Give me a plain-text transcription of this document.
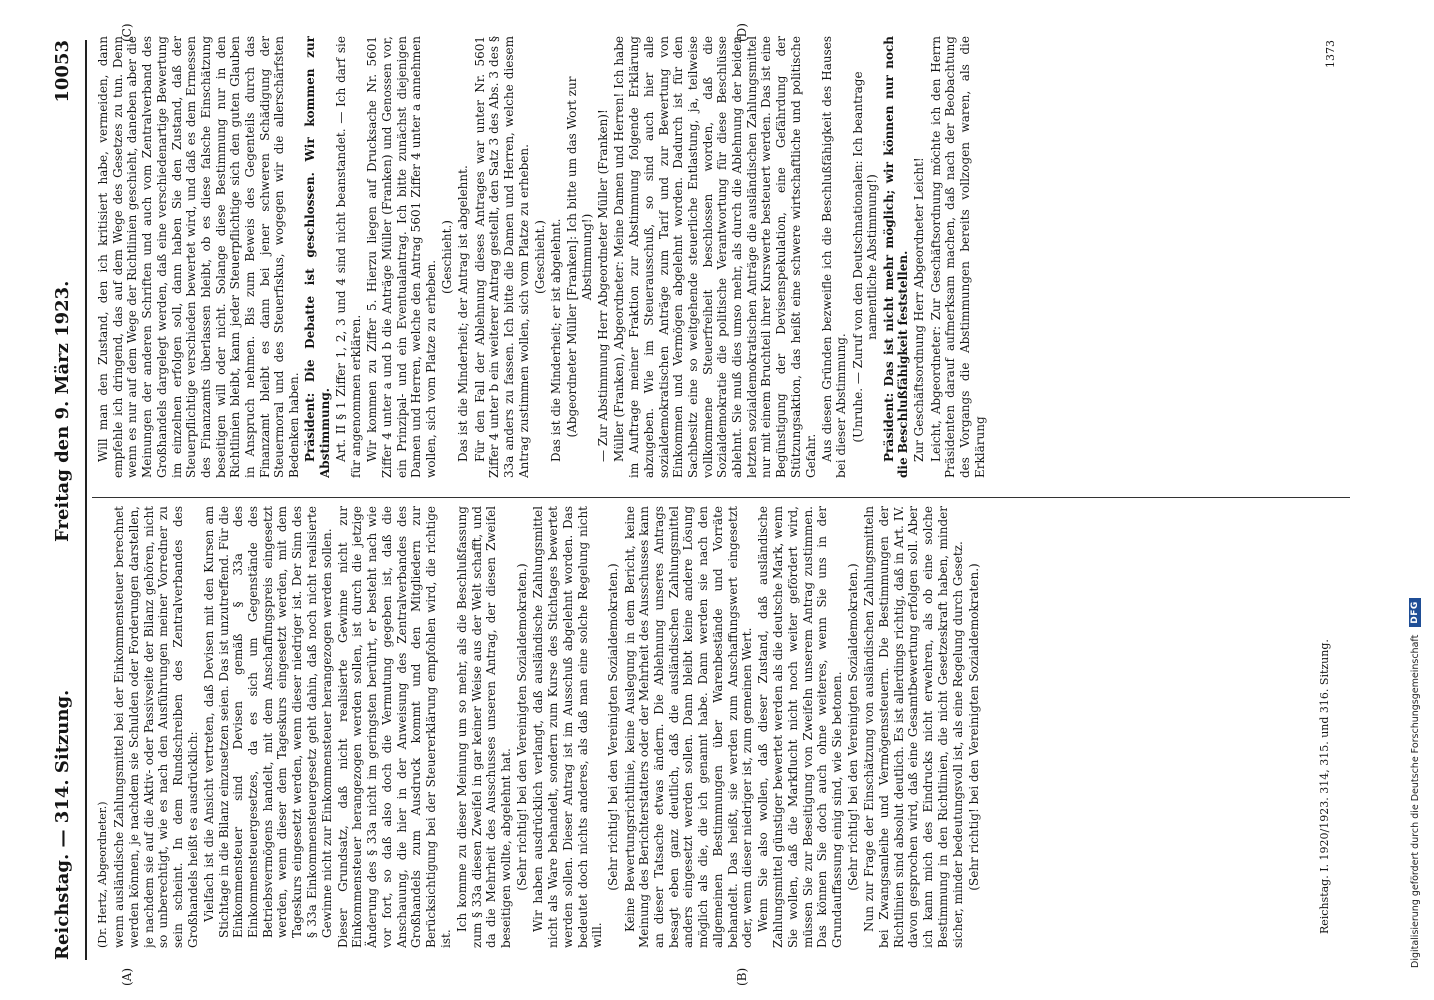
Reichstag. — 314. Sitzung.
Freitag den 9. März 1923.
10053
(A)	(B)
(C)	(D)

(Dr. Hertz, Abgeordneter.) wenn ausländische Zahlungsmittel bei der Einkommensteuer berechnet werden können, je nachdem sie Schulden oder Forderungen darstellen, je nachdem sie auf die Aktiv- oder Passivseite der Bilanz gehören, nicht so unberechtigt, wie es nach den Ausführungen meiner Vorredner zu sein scheint. In dem Rundschreiben des Zentralverbandes des Großhandels heißt es ausdrücklich: Vielfach ist die Ansicht vertreten, daß Devisen mit den Kursen am Stichtage in die Bilanz einzusetzen seien. Das ist unzutreffend. Für die Einkommensteuer sind Devisen gemäß § 33a des Einkommensteuergesetzes, da es sich um Gegenstände des Betriebsvermögens handelt, mit dem Anschaffungspreis eingesetzt werden, wenn dieser dem Tageskurs eingesetzt werden, mit dem Tageskurs eingesetzt werden, wenn dieser niedriger ist. Der Sinn des § 33a Einkommensteuergesetz geht dahin, daß noch nicht realisierte Gewinne nicht zur Einkommensteuer herangezogen werden sollen. Dieser Grundsatz, daß nicht realisierte Gewinne nicht zur Einkommensteuer herangezogen werden sollen, ist durch die jetzige Änderung des § 33a nicht im geringsten berührt, er besteht nach wie vor fort, so daß also doch die Vermutung gegeben ist, daß die Anschauung, die hier in der Anweisung des Zentralverbandes des Großhandels zum Ausdruck kommt und den Mitgliedern zur Berücksichtigung bei der Steuererklärung empfohlen wird, die richtige ist.

Ich komme zu dieser Meinung um so mehr, als die Beschlußfassung zum § 33a diesen Zweifel in gar keiner Weise aus der Welt schafft, und da die Mehrheit des Ausschusses unseren Antrag, der diesen Zweifel beseitigen wollte, abgelehnt hat. (Sehr richtig! bei den Vereinigten Sozialdemokraten.) Wir haben ausdrücklich verlangt, daß ausländische Zahlungsmittel nicht als Ware behandelt, sondern zum Kurse des Stichtages bewertet werden sollen. Dieser Antrag ist im Ausschuß abgelehnt worden. Das bedeutet doch nichts anderes, als daß man eine solche Regelung nicht will.

(Sehr richtig! bei den Vereinigten Sozialdemokraten.) Keine Bewertungsrichtlinie, keine Auslegung in dem Bericht, keine Meinung des Berichterstatters oder der Mehrheit des Ausschusses kann an dieser Tatsache etwas ändern. Die Ablehnung unseres Antrags besagt eben ganz deutlich, daß die ausländischen Zahlungsmittel anders eingesetzt werden sollen. Dann bleibt keine andere Lösung möglich als die, die ich genannt habe. Dann werden sie nach den allgemeinen Bestimmungen über Warenbestände und Vorräte behandelt. Das heißt, sie werden zum Anschaffungswert eingesetzt oder, wenn dieser niedriger ist, zum gemeinen Wert. Wenn Sie also wollen, daß dieser Zustand, daß ausländische Zahlungsmittel günstiger bewertet werden als die deutsche Mark, wenn Sie wollen, daß die Markflucht nicht noch weiter gefördert wird, müssen Sie zur Beseitigung von Zweifeln unserem Antrag zustimmen. Das können Sie doch auch ohne weiteres, wenn Sie uns in der Grundauffassung einig sind, wie Sie betonen. (Sehr richtig! bei den Vereinigten Sozialdemokraten.) Nun zur Frage der Einschätzung von ausländischen Zahlungsmitteln bei Zwangsanleihe und Vermögenssteuern. Die Bestimmungen der Richtlinien sind absolut deutlich. Es ist allerdings richtig, daß in Art. IV. davon gesprochen wird, daß eine Gesamtbewertung erfolgen soll. Aber ich kann mich des Eindrucks nicht erwehren, als ob eine solche Bestimmung in den Richtlinien, die nicht Gesetzeskraft haben, minder sicher, minder bedeutungsvoll ist, als eine Regelung durch Gesetz. (Sehr richtig! bei den Vereinigten Sozialdemokraten.)

Will man den Zustand, den ich kritisiert habe, vermeiden, dann empfehle ich dringend, das auf dem Wege des Gesetzes zu tun. Denn wenn es nur auf dem Wege der Richtlinien geschieht, daneben aber die Meinungen der anderen Schriften und auch vom Zentralverband des Großhandels dargelegt werden, daß eine verschiedenartige Bewertung im einzelnen erfolgen soll, dann haben Sie den Zustand, daß der Steuerpflichtige verschieden bewertet wird, und daß es dem Ermessen des Finanzamts überlassen bleibt, ob es diese falsche Einschätzung beseitigen will oder nicht. Solange diese Bestimmung nur in den Richtlinien bleibt, kann jeder Steuerpflichtige sich den guten Glauben in Anspruch nehmen. Bis zum Beweis des Gegenteils durch das Finanzamt bleibt es dann bei jener schweren Schädigung der Steuermoral und des Steuerfiskus, wogegen wir die allerschärfsten Bedenken haben. Präsident: Die Debatte ist geschlossen. Wir kommen zur Abstimmung. Art. II § 1 Ziffer 1, 2, 3 und 4 sind nicht beanstandet. — Ich darf sie für angenommen erklären. Wir kommen zu Ziffer 5. Hierzu liegen auf Drucksache Nr. 5601 Ziffer 4 unter a und b die Anträge Müller (Franken) und Genossen vor, ein Prinzipal- und ein Eventualantrag. Ich bitte zunächst diejenigen Damen und Herren, welche den Antrag 5601 Ziffer 4 unter a annehmen wollen, sich vom Platze zu erheben.

(Geschieht.) Das ist die Minderheit; der Antrag ist abgelehnt. Für den Fall der Ablehnung dieses Antrages war unter Nr. 5601 Ziffer 4 unter b ein weiterer Antrag gestellt, den Satz 3 des Abs. 3 des § 33a anders zu fassen. Ich bitte die Damen und Herren, welche diesem Antrag zustimmen wollen, sich vom Platze zu erheben. (Geschieht.) Das ist die Minderheit; er ist abgelehnt. (Abgeordneter Müller [Franken]: Ich bitte um das Wort zur Abstimmung!) — Zur Abstimmung Herr Abgeordneter Müller (Franken)! Müller (Franken), Abgeordneter: Meine Damen und Herren! Ich habe im Auftrage meiner Fraktion zur Abstimmung folgende Erklärung abzugeben. Wie im Steuerausschuß, so sind auch hier alle sozialdemokratischen Anträge zum Tarif und zur Bewertung von Einkommen und Vermögen abgelehnt worden. Dadurch ist für den Sachbesitz eine so weitgehende steuerliche Entlastung, ja, teilweise vollkommene Steuerfreiheit beschlossen worden, daß die Sozialdemokratie die politische Verantwortung für diese Beschlüsse ablehnt. Sie muß dies umso mehr, als durch die Ablehnung der beiden letzten sozialdemokratischen Anträge die ausländischen Zahlungsmittel nur mit einem Bruchteil ihrer Kurswerte besteuert werden. Das ist eine Begünstigung der Devisenspekulation, eine Gefährdung der Stützungsaktion, das heißt eine schwere wirtschaftliche und politische Gefahr. Aus diesen Gründen bezweifle ich die Beschlußfähigkeit des Hauses bei dieser Abstimmung. (Unruhe. — Zuruf von den Deutschnationalen: Ich beantrage namentliche Abstimmung!) Präsident: Das ist nicht mehr möglich; wir können nur noch die Beschlußfähigkeit feststellen. Zur Geschäftsordnung Herr Abgeordneter Leicht! Leicht, Abgeordneter: Zur Geschäftsordnung möchte ich den Herrn Präsidenten darauf aufmerksam machen, daß nach der Beobachtung des Vorgangs die Abstimmungen bereits vollzogen waren, als die Erklärung

Reichstag. I. 1920/1923. 314, 315. und 316. Sitzung.
1373
Digitalisierung gefördert durch die Deutsche Forschungsgemeinschaft
DFG
